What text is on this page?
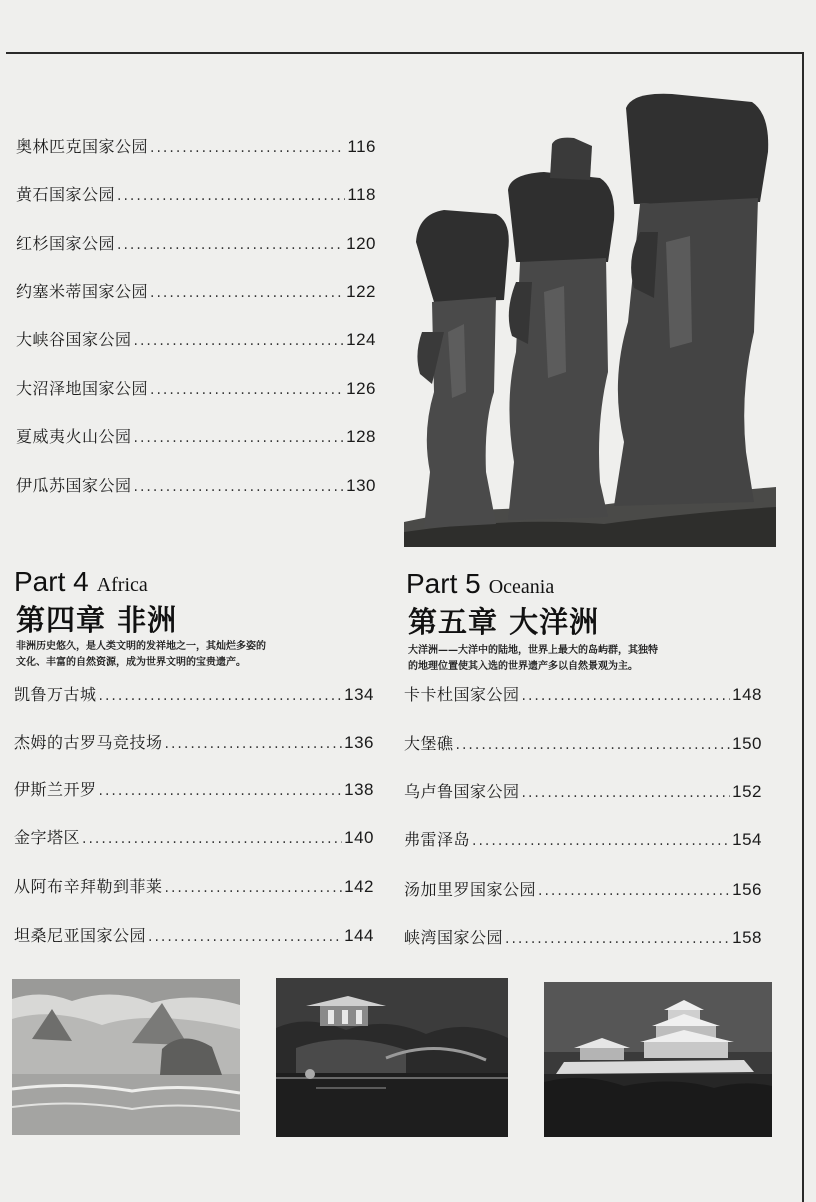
奥林匹克国家公园 .....	116
黄石国家公园 .....	118
红杉国家公园 .....	120
约塞米蒂国家公园 .....	122
大峡谷国家公园 .....	124
大沼泽地国家公园 .....	126
夏威夷火山公园 .....	128
伊瓜苏国家公园 .....	130
Part 4 Africa
第四章 非洲
非洲历史悠久，是人类文明的发祥地之一，其灿烂多姿的
文化、丰富的自然资源，成为世界文明的宝贵遗产。
凯鲁万古城 .....	134
杰姆的古罗马竞技场 .....	136
伊斯兰开罗 .....	138
金字塔区 .....	140
从阿布辛拜勒到菲莱 .....	142
坦桑尼亚国家公园 .....	144
Part 5 Oceania
第五章 大洋洲
大洋洲——大洋中的陆地，世界上最大的岛屿群，其独特
的地理位置使其入选的世界遗产多以自然景观为主。
卡卡杜国家公园 .....	148
大堡礁 .....	150
乌卢鲁国家公园 .....	152
弗雷泽岛 .....	154
汤加里罗国家公园 .....	156
峡湾国家公园 .....	158
